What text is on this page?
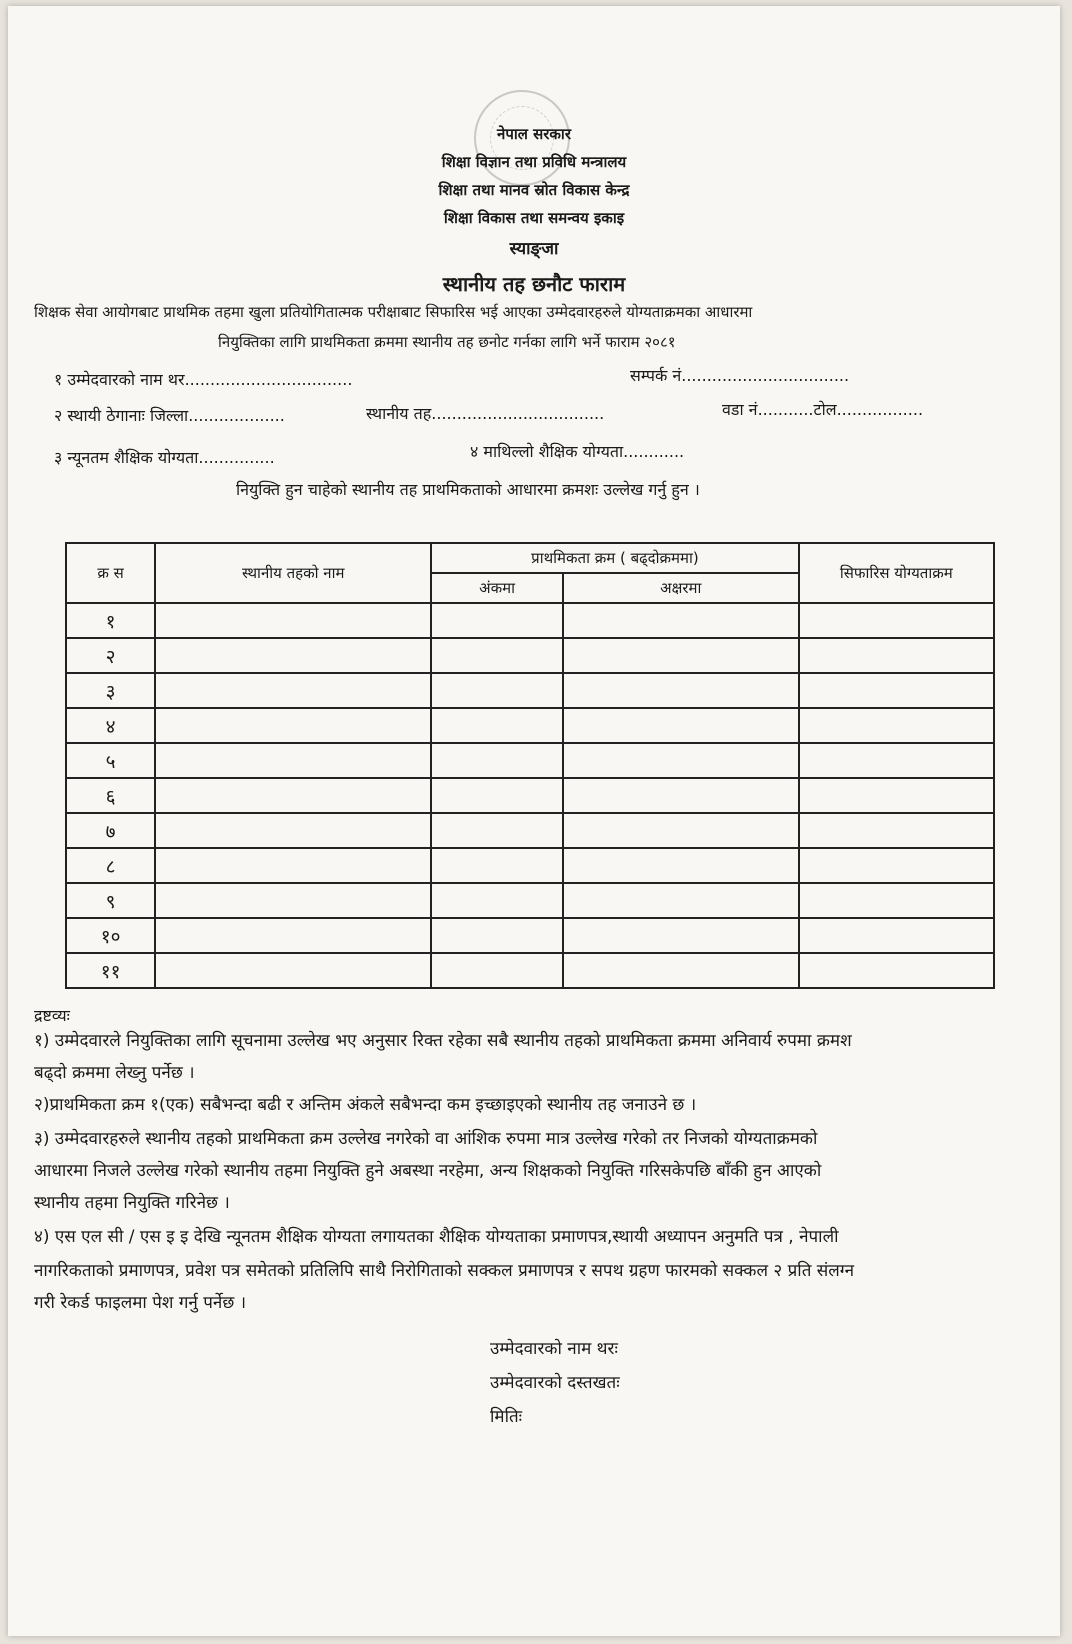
नेपाल सरकार
शिक्षा विज्ञान तथा प्रविधि मन्त्रालय
शिक्षा तथा मानव स्रोत विकास केन्द्र
शिक्षा विकास तथा समन्वय इकाइ
स्याङ्जा
स्थानीय तह छनौट फाराम
शिक्षक सेवा आयोगबाट प्राथमिक तहमा खुला प्रतियोगितात्मक परीक्षाबाट सिफारिस भई आएका उम्मेदवारहरुले योग्यताक्रमका आधारमा
नियुक्तिका लागि प्राथमिकता क्रममा स्थानीय तह छनोट गर्नका लागि भर्ने फाराम २०८१
१ उम्मेदवारको नाम थर.................................	सम्पर्क नं.................................
२ स्थायी ठेगानाः जिल्ला...................	स्थानीय तह..................................	वडा नं...........टोल.................
३ न्यूनतम शैक्षिक योग्यता...............	४ माथिल्लो शैक्षिक योग्यता............
नियुक्ति हुन चाहेको स्थानीय तह प्राथमिकताको आधारमा क्रमशः उल्लेख गर्नु हुन ।
क्र स	स्थानीय तहको नाम	प्राथमिकता क्रम ( बढ्दोक्रममा)		सिफारिस योग्यताक्रम
		अंकमा	अक्षरमा	
१				
२				
३				
४				
५				
६				
७				
८				
९				
१०				
११				
द्रष्टव्यः
१) उम्मेदवारले नियुक्तिका लागि सूचनामा उल्लेख भए अनुसार रिक्त रहेका सबै स्थानीय तहको प्राथमिकता क्रममा अनिवार्य रुपमा क्रमश
बढ्दो क्रममा लेख्नु पर्नेछ ।
२)प्राथमिकता क्रम १(एक) सबैभन्दा बढी र अन्तिम अंकले सबैभन्दा कम इच्छाइएको स्थानीय तह जनाउने छ ।
३) उम्मेदवारहरुले स्थानीय तहको प्राथमिकता क्रम उल्लेख नगरेको वा आंशिक रुपमा मात्र उल्लेख गरेको तर निजको योग्यताक्रमको
आधारमा निजले उल्लेख गरेको स्थानीय तहमा नियुक्ति हुने अबस्था नरहेमा, अन्य शिक्षकको नियुक्ति गरिसकेपछि बाँकी हुन आएको
स्थानीय तहमा नियुक्ति गरिनेछ ।
४) एस एल सी / एस इ इ देखि न्यूनतम शैक्षिक योग्यता लगायतका शैक्षिक योग्यताका प्रमाणपत्र,स्थायी अध्यापन अनुमति पत्र , नेपाली
नागरिकताको प्रमाणपत्र, प्रवेश पत्र समेतको प्रतिलिपि साथै निरोगिताको सक्कल प्रमाणपत्र र सपथ ग्रहण फारमको सक्कल २ प्रति संलग्न
गरी रेकर्ड फाइलमा पेश गर्नु पर्नेछ ।
उम्मेदवारको नाम थरः
उम्मेदवारको दस्तखतः
मितिः
